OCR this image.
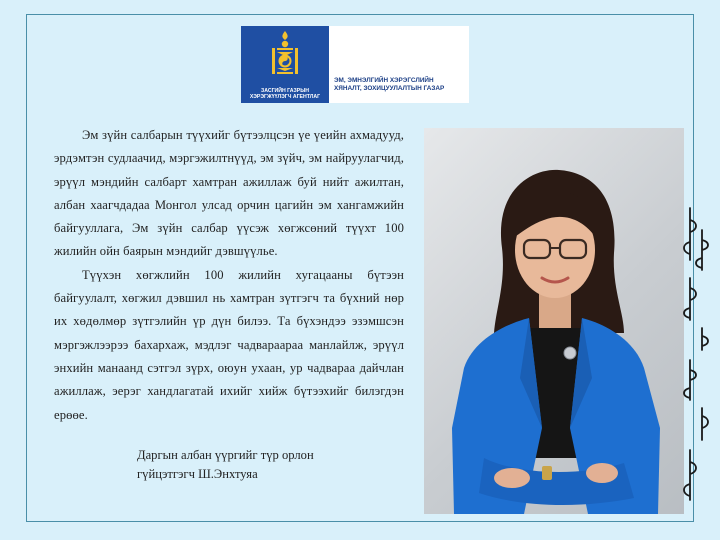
ЗАСГИЙН ГАЗРЫН
ХЭРЭГЖҮҮЛЭГЧ АГЕНТЛАГ
ЭМ, ЭМНЭЛГИЙН ХЭРЭГСЛИЙН
ХЯНАЛТ, ЗОХИЦУУЛАЛТЫН ГАЗАР

Эм зүйн салбарын түүхийг бүтээлцсэн үе үеийн ахмадууд, эрдэмтэн судлаачид, мэргэжилтнүүд, эм зүйч, эм найруулагчид, эрүүл мэндийн салбарт хамтран ажиллаж буй нийт ажилтан, албан хаагчдадаа Монгол улсад орчин цагийн эм хангамжийн байгууллага, Эм зүйн салбар үүсэж хөгжсөний түүхт 100 жилийн ойн баярын мэндийг дэвшүүлье.

Түүхэн хөгжлийн 100 жилийн хугацааны бүтээн байгуулалт, хөгжил дэвшил нь хамтран зүтгэгч та бүхний нөр их хөдөлмөр зүтгэлийн үр дүн билээ. Та бүхэндээ эзэмшсэн мэргэжлээрээ бахархаж, мэдлэг чадвараараа манлайлж, эрүүл энхийн манаанд сэтгэл зүрх, оюун ухаан, ур чадвараа дайчлан ажиллаж, эерэг хандлагатай ихийг хийж бүтээхийг билэгдэн ерөөе.

Даргын албан үүргийг түр орлон
гүйцэтгэгч Ш.Энхтуяа
